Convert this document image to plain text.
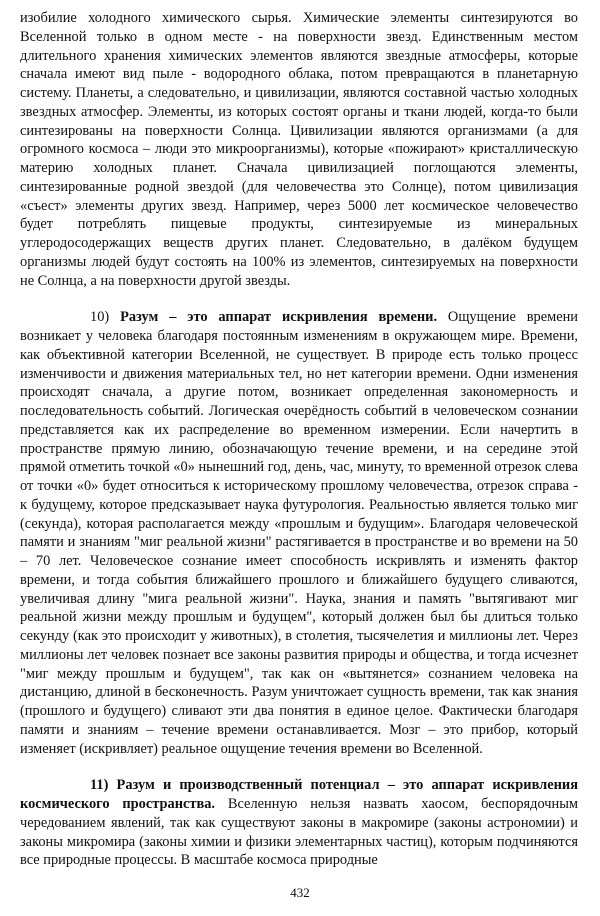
изобилие холодного химического сырья. Химические элементы синтезируются во Вселенной только в одном месте - на поверхности звезд. Единственным местом длительного хранения химических элементов являются звездные атмосферы, которые сначала имеют вид пыле - водородного облака, потом превращаются в планетарную систему. Планеты, а следовательно, и цивилизации, являются составной частью холодных звездных атмосфер. Элементы, из которых состоят органы и ткани людей, когда-то были синтезированы на поверхности Солнца. Цивилизации являются организмами (а для огромного космоса – люди это микроорганизмы), которые «пожирают» кристаллическую материю холодных планет. Сначала цивилизацией поглощаются элементы, синтезированные родной звездой (для человечества это Солнце), потом цивилизация «съест» элементы других звезд. Например, через 5000 лет космическое человечество будет потреблять пищевые продукты, синтезируемые из минеральных углеродосодержащих веществ других планет. Следовательно, в далёком будущем организмы людей будут состоять на 100% из элементов, синтезируемых на поверхности не Солнца, а на поверхности другой звезды.

10) Разум – это аппарат искривления времени. Ощущение времени возникает у человека благодаря постоянным изменениям в окружающем мире. Времени, как объективной категории Вселенной, не существует. В природе есть только процесс изменчивости и движения материальных тел, но нет категории времени. Одни изменения происходят сначала, а другие потом, возникает определенная закономерность и последовательность событий. Логическая очерёдность событий в человеческом сознании представляется как их распределение во временном измерении. Если начертить в пространстве прямую линию, обозначающую течение времени, и на середине этой прямой отметить точкой «0» нынешний год, день, час, минуту, то временной отрезок слева от точки «0» будет относиться к историческому прошлому человечества, отрезок справа - к будущему, которое предсказывает наука футурология. Реальностью является только миг (секунда), которая располагается между «прошлым и будущим». Благодаря человеческой памяти и знаниям "миг реальной жизни" растягивается в пространстве и во времени на 50 – 70 лет. Человеческое сознание имеет способность искривлять и изменять фактор времени, и тогда события ближайшего прошлого и ближайшего будущего сливаются, увеличивая длину "мига реальной жизни". Наука, знания и память "вытягивают миг реальной жизни между прошлым и будущем", который должен был бы длиться только секунду (как это происходит у животных), в столетия, тысячелетия и миллионы лет. Через миллионы лет человек познает все законы развития природы и общества, и тогда исчезнет "миг между прошлым и будущем", так как он «вытянется» сознанием человека на дистанцию, длиной в бесконечность. Разум уничтожает сущность времени, так как знания (прошлого и будущего) сливают эти два понятия в единое целое. Фактически благодаря памяти и знаниям – течение времени останавливается. Мозг – это прибор, который изменяет (искривляет) реальное ощущение течения времени во Вселенной.

11) Разум и производственный потенциал – это аппарат искривления космического пространства. Вселенную нельзя назвать хаосом, беспорядочным чередованием явлений, так как существуют законы в макромире (законы астрономии) и законы микромира (законы химии и физики элементарных частиц), которым подчиняются все природные процессы. В масштабе космоса природные

432
